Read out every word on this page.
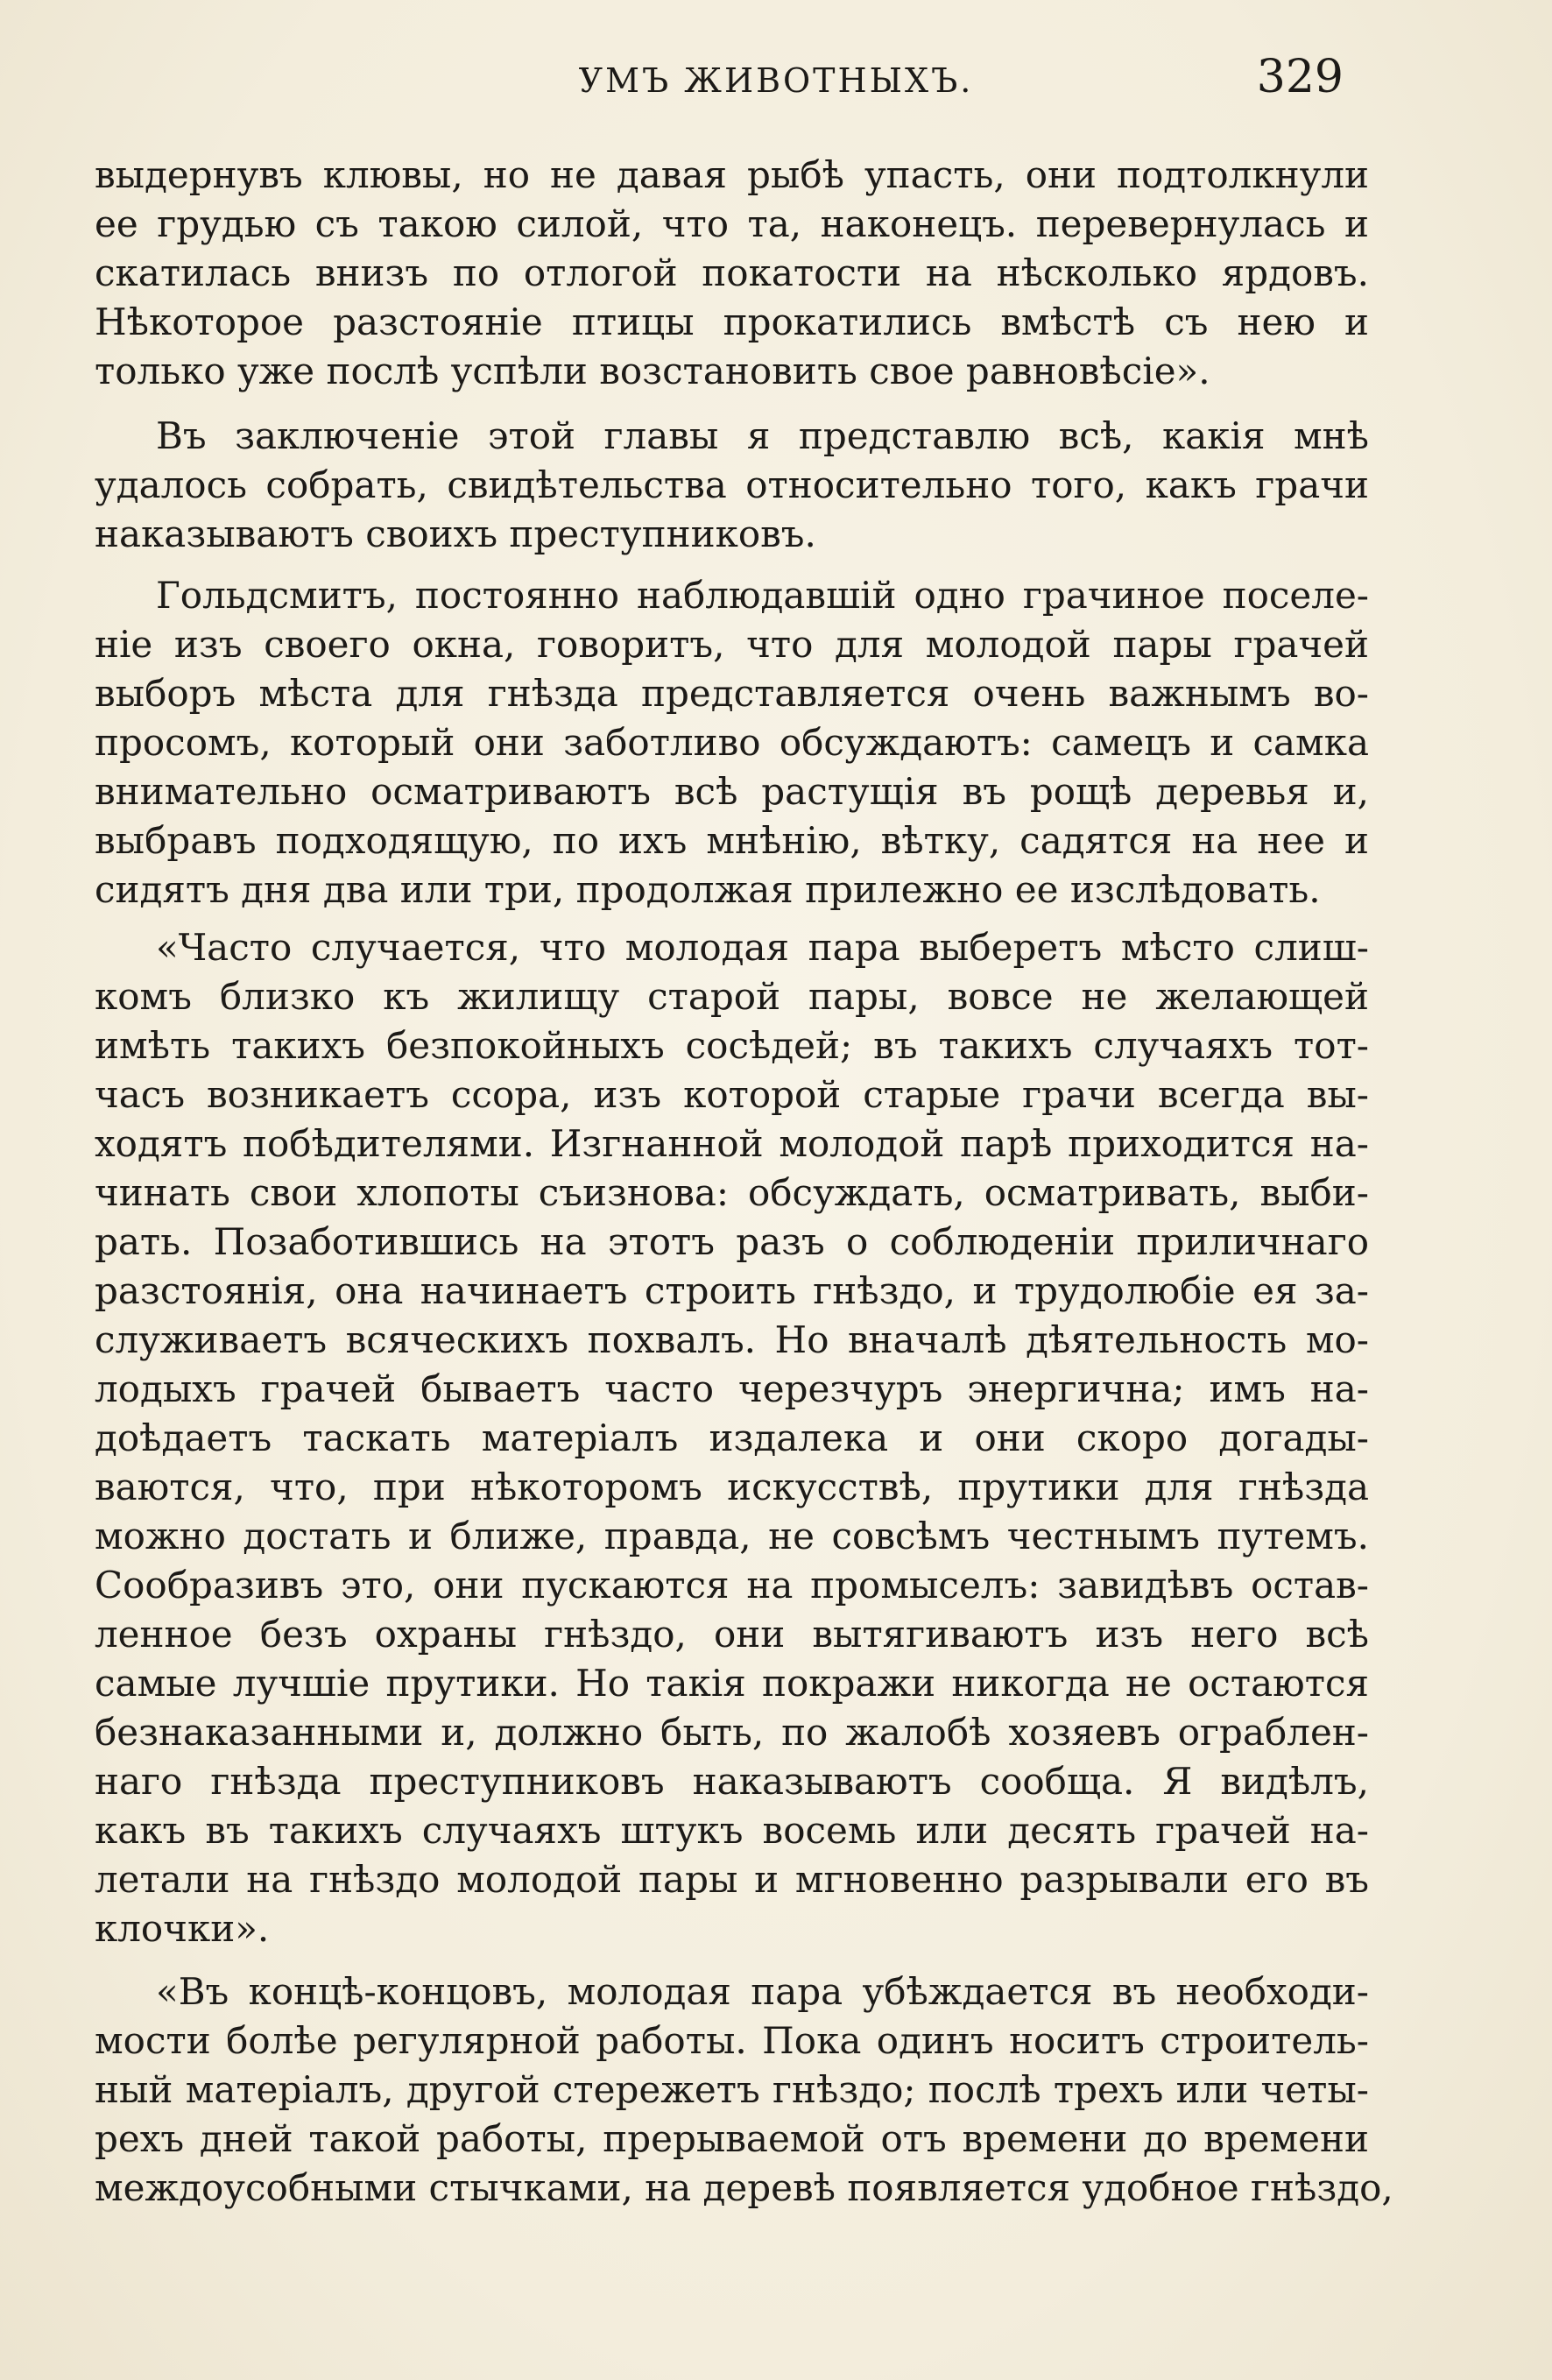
УМЪ ЖИВОТНЫХЪ.	329
выдернувъ клювы, но не давая рыбѣ упасть, они подтолкнули
ее грудью съ такою силой, что та, наконецъ. перевернулась и
скатилась внизъ по отлогой покатости на нѣсколько ярдовъ.
Нѣкоторое разстояніе птицы прокатились вмѣстѣ съ нею и
только уже послѣ успѣли возстановить свое равновѣсіе».
Въ заключеніе этой главы я представлю всѣ, какія мнѣ
удалось собрать, свидѣтельства относительно того, какъ грачи
наказываютъ своихъ преступниковъ.
Гольдсмитъ, постоянно наблюдавшій одно грачиное поселе-
ніе изъ своего окна, говоритъ, что для молодой пары грачей
выборъ мѣста для гнѣзда представляется очень важнымъ во-
просомъ, который они заботливо обсуждаютъ: самецъ и самка
внимательно осматриваютъ всѣ растущія въ рощѣ деревья и,
выбравъ подходящую, по ихъ мнѣнію, вѣтку, садятся на нее и
сидятъ дня два или три, продолжая прилежно ее изслѣдовать.
«Часто случается, что молодая пара выберетъ мѣсто слиш-
комъ близко къ жилищу старой пары, вовсе не желающей
имѣть такихъ безпокойныхъ сосѣдей; въ такихъ случаяхъ тот-
часъ возникаетъ ссора, изъ которой старые грачи всегда вы-
ходятъ побѣдителями. Изгнанной молодой парѣ приходится на-
чинать свои хлопоты съизнова: обсуждать, осматривать, выби-
рать. Позаботившись на этотъ разъ о соблюденіи приличнаго
разстоянія, она начинаетъ строить гнѣздо, и трудолюбіе ея за-
служиваетъ всяческихъ похвалъ. Но вначалѣ дѣятельность мо-
лодыхъ грачей бываетъ часто черезчуръ энергична; имъ на-
доѣдаетъ таскать матеріалъ издалека и они скоро догады-
ваются, что, при нѣкоторомъ искусствѣ, прутики для гнѣзда
можно достать и ближе, правда, не совсѣмъ честнымъ путемъ.
Сообразивъ это, они пускаются на промыселъ: завидѣвъ остав-
ленное безъ охраны гнѣздо, они вытягиваютъ изъ него всѣ
самые лучшіе прутики. Но такія покражи никогда не остаются
безнаказанными и, должно быть, по жалобѣ хозяевъ ограблен-
наго гнѣзда преступниковъ наказываютъ сообща. Я видѣлъ,
какъ въ такихъ случаяхъ штукъ восемь или десять грачей на-
летали на гнѣздо молодой пары и мгновенно разрывали его въ
клочки».
«Въ концѣ-концовъ, молодая пара убѣждается въ необходи-
мости болѣе регулярной работы. Пока одинъ носитъ строитель-
ный матеріалъ, другой стережетъ гнѣздо; послѣ трехъ или четы-
рехъ дней такой работы, прерываемой отъ времени до времени
междоусобными стычками, на деревѣ появляется удобное гнѣздо,
